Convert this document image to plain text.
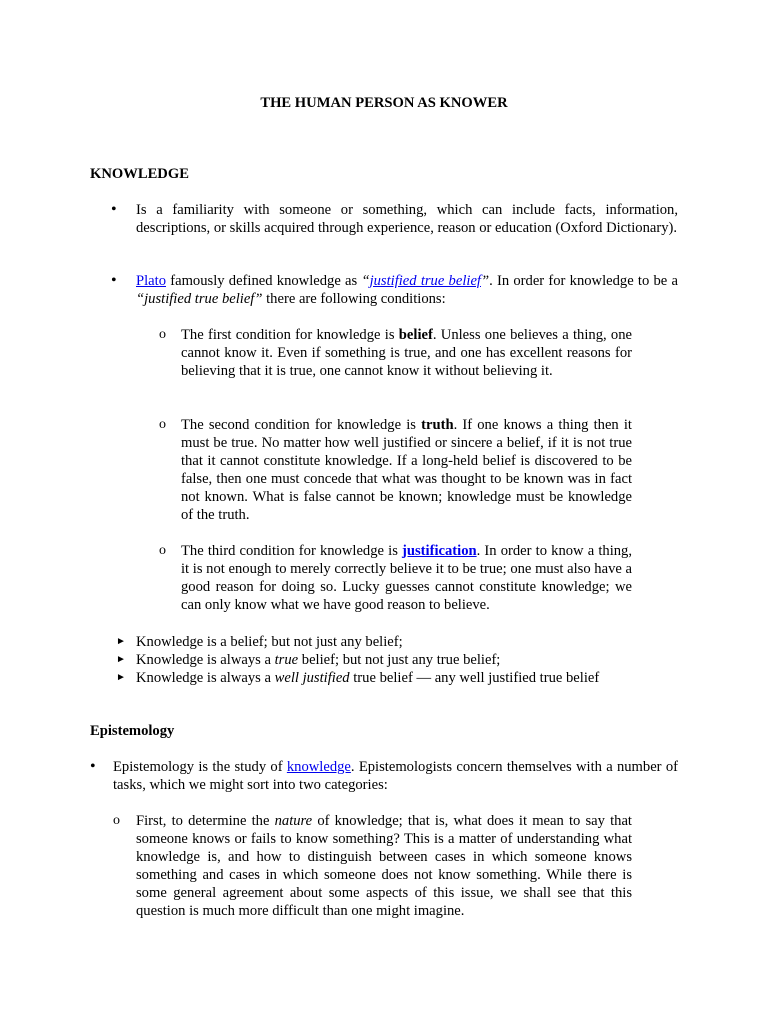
THE HUMAN PERSON AS KNOWER
KNOWLEDGE
• Is a familiarity with someone or something, which can include facts, information, descriptions, or skills acquired through experience, reason or education (Oxford Dictionary).
• Plato famously defined knowledge as “justified true belief”. In order for knowledge to be a “justified true belief” there are following conditions:
o The first condition for knowledge is belief. Unless one believes a thing, one cannot know it. Even if something is true, and one has excellent reasons for believing that it is true, one cannot know it without believing it.
o The second condition for knowledge is truth. If one knows a thing then it must be true. No matter how well justified or sincere a belief, if it is not true that it cannot constitute knowledge. If a long-held belief is discovered to be false, then one must concede that what was thought to be known was in fact not known. What is false cannot be known; knowledge must be knowledge of the truth.
o The third condition for knowledge is justification. In order to know a thing, it is not enough to merely correctly believe it to be true; one must also have a good reason for doing so. Lucky guesses cannot constitute knowledge; we can only know what we have good reason to believe.
► Knowledge is a belief; but not just any belief;
► Knowledge is always a true belief; but not just any true belief;
► Knowledge is always a well justified true belief — any well justified true belief
Epistemology
• Epistemology is the study of knowledge. Epistemologists concern themselves with a number of tasks, which we might sort into two categories:
o First, to determine the nature of knowledge; that is, what does it mean to say that someone knows or fails to know something? This is a matter of understanding what knowledge is, and how to distinguish between cases in which someone knows something and cases in which someone does not know something. While there is some general agreement about some aspects of this issue, we shall see that this question is much more difficult than one might imagine.
